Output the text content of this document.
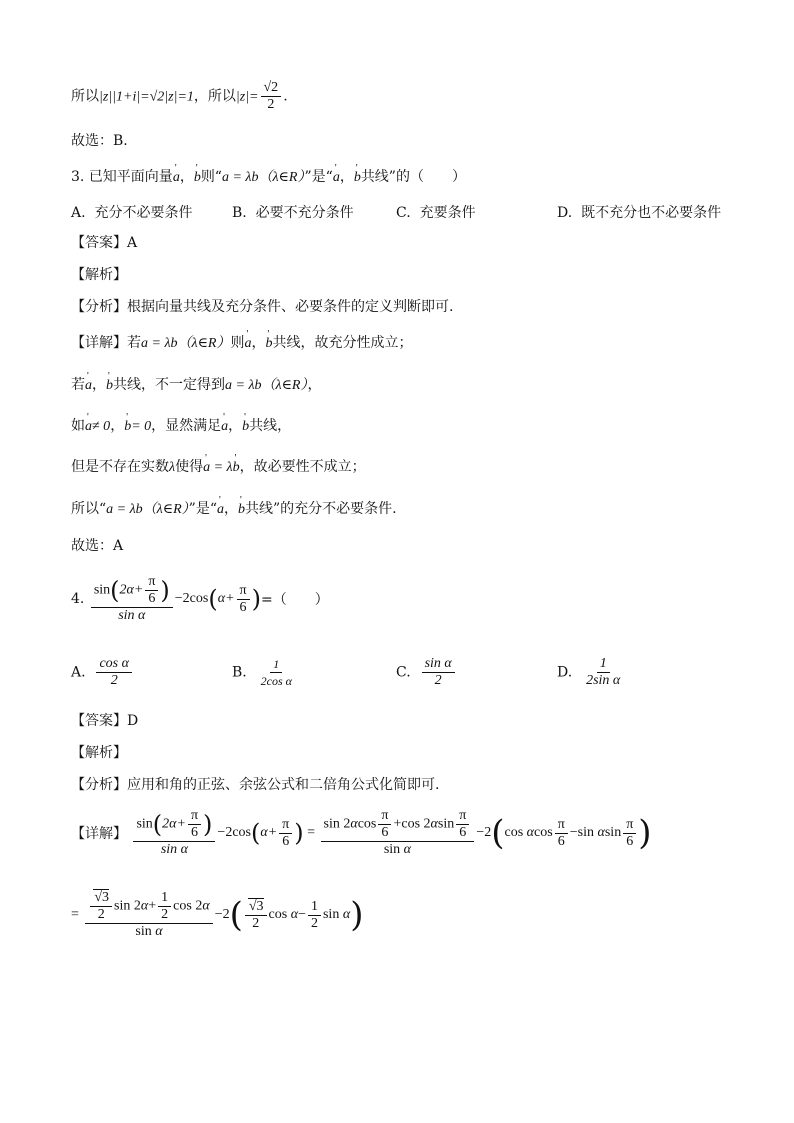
所以|z||1+i|=√2|z|=1，所以$|z|= \frac{√2}{2}$ .
故选：B.
3. 已知平面向量' a，' b则“a = λb（λ∈R）”是“' a，' b共线”的（　　）
A. 充分不必要条件	B. 必要不充分条件	C. 充要条件	D. 既不充分也不必要条件
【答案】A
【解析】
【分析】根据向量共线及充分条件、必要条件的定义判断即可.
【详解】若a = λb（λ∈R）则' a，' b共线，故充分性成立；
若' a，' b共线，不一定得到a = λb（λ∈R），
如' a≠ 0，' b= 0，显然满足' a，' b共线，
但是不存在实数λ使得' a = λ' b，故必要性不成立；
所以“a = λb（λ∈R）”是“' a，' b共线”的充分不必要条件.
故选：A
4. $\frac{\sin(2\alpha+ \frac{\pi}{6} )}{\text{sin α}} -2\cos(\alpha+ \frac{\pi}{6}$ )=（　　）
A. $\frac{\text{cos α}}{2}$	B. $\frac{1}{\text{2cos α}}$	C. $\frac{\text{sin α}}{2}$	D. $\frac{1}{\text{2sin α}}$
【答案】D
【解析】
【分析】应用和角的正弦、余弦公式和二倍角公式化简即可.
【详解】 $\frac{\sin(2\alpha+ \frac{\pi}{6} )}{\text{sin α}} -2\cos(\alpha+ \frac{\pi}{6}$ ) = $\frac{\sin 2\alpha\cos \frac{\pi}{6} +\cos 2\alpha\sin \frac{\pi}{6}}{\text{sin α}} -2(\cos$ αcos $\frac{\pi}{6} -\sin$ αsin $\frac{\pi}{6}$ )
= $\frac{\frac{√3}{2} \sin 2\alpha+ \frac{1}{2} \cos 2\alpha}{\text{sin α}} -2( \frac{√3}{2}$ $\cos \alpha- \frac{1}{2}$ sin α)
